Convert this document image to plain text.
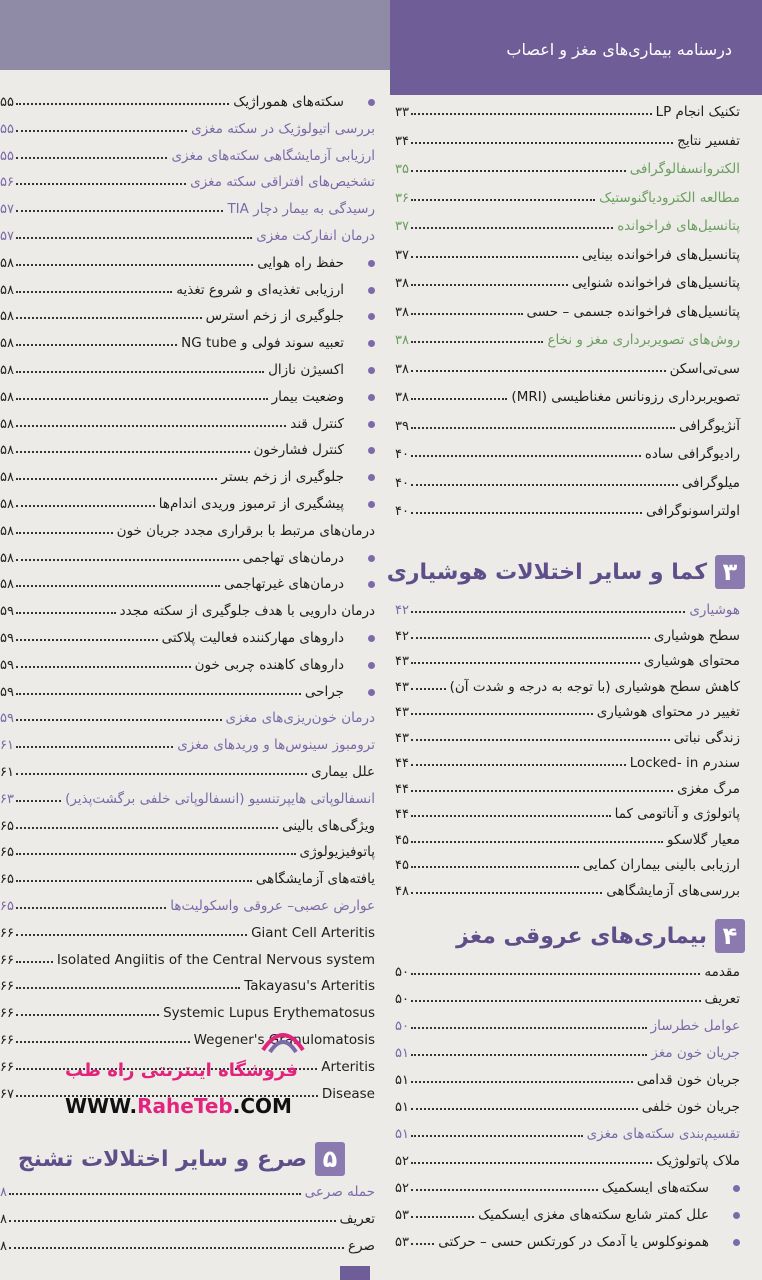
درسنامه بیماری‌های مغز و اعصاب
تکنیک انجام LP
۳۳
تفسیر نتایج
۳۴
الکتروانسفالوگرافی
۳۵
مطالعه الکترودیاگنوستیک
۳۶
پتانسیل‌های فراخوانده
۳۷
پتانسیل‌های فراخوانده بینایی
۳۷
پتانسیل‌های فراخوانده شنوایی
۳۸
پتانسیل‌های فراخوانده جسمی – حسی
۳۸
روش‌های تصویربرداری مغز و نخاع
۳۸
سی‌تی‌اسکن
۳۸
تصویربرداری رزونانس مغناطیسی (MRI)
۳۸
آنژیوگرافی
۳۹
رادیوگرافی ساده
۴۰
میلوگرافی
۴۰
اولتراسونوگرافی
۴۰
هوشیاری
۴۲
سطح هوشیاری
۴۲
محتوای هوشیاری
۴۳
کاهش سطح هوشیاری (با توجه به درجه و شدت آن)
۴۳
تغییر در محتوای هوشیاری
۴۳
زندگی نباتی
۴۳
سندرم Locked- in
۴۴
مرگ مغزی
۴۴
پاتولوژی و آناتومی کما
۴۴
معیار گلاسکو
۴۵
ارزیابی بالینی بیماران کمایی
۴۵
بررسی‌های آزمایشگاهی
۴۸
مقدمه
۵۰
تعریف
۵۰
عوامل خطرساز
۵۰
جریان خون مغز
۵۱
جریان خون قدامی
۵۱
جریان خون خلفی
۵۱
تقسیم‌بندی سکته‌های مغزی
۵۱
ملاک پاتولوژیک
۵۲
سکته‌های ایسکمیک
۵۲
علل کمتر شایع سکته‌های مغزی ایسکمیک
۵۳
همونوکلوس یا آدمک در کورتکس حسی – حرکتی
۵۳
سکته‌های هموراژیک
۵۵
بررسی اتیولوژیک در سکته مغزی
۵۵
ارزیابی آزمایشگاهی سکته‌های مغزی
۵۵
تشخیص‌های افتراقی سکته مغزی
۵۶
رسیدگی به بیمار دچار TIA
۵۷
درمان انفارکت مغزی
۵۷
حفظ راه هوایی
۵۸
ارزیابی تغذیه‌ای و شروع تغذیه
۵۸
جلوگیری از زخم استرس
۵۸
تعبیه سوند فولی و NG tube
۵۸
اکسیژن نازال
۵۸
وضعیت بیمار
۵۸
کنترل قند
۵۸
کنترل فشارخون
۵۸
جلوگیری از زخم بستر
۵۸
پیشگیری از ترمبوز وریدی اندام‌ها
۵۸
درمان‌های مرتبط با برقراری مجدد جریان خون
۵۸
درمان‌های تهاجمی
۵۸
درمان‌های غیرتهاجمی
۵۸
درمان دارویی با هدف جلوگیری از سکته مجدد
۵۹
داروهای مهارکننده فعالیت پلاکتی
۵۹
داروهای کاهنده چربی خون
۵۹
جراحی
۵۹
درمان خون‌ریزی‌های مغزی
۵۹
ترومبوز سینوس‌ها و وریدهای مغزی
۶۱
علل بیماری
۶۱
انسفالوپاتی هایپرتنسیو (انسفالوپاتی خلفی برگشت‌پذیر)
۶۳
ویژگی‌های بالینی
۶۵
پاتوفیزیولوژی
۶۵
یافته‌های آزمایشگاهی
۶۵
عوارض عصبی– عروقی واسکولیت‌ها
۶۵
Giant Cell Arteritis
۶۶
Isolated Angiitis of the Central Nervous system
۶۶
Takayasu's Arteritis
۶۶
Systemic Lupus Erythematosus
۶۶
Wegener's Granulomatosis
۶۶
Arteritis
۶۶
Disease
۶۷
حمله صرعی
۸
تعریف
۸
صرع
۸
۳
کما و سایر اختلالات هوشیاری
۴
بیماری‌های عروقی مغز
۵
صرع و سایر اختلالات تشنج
فروشگاه اینترنتی راه طب
WWW.RaheTeb.COM
